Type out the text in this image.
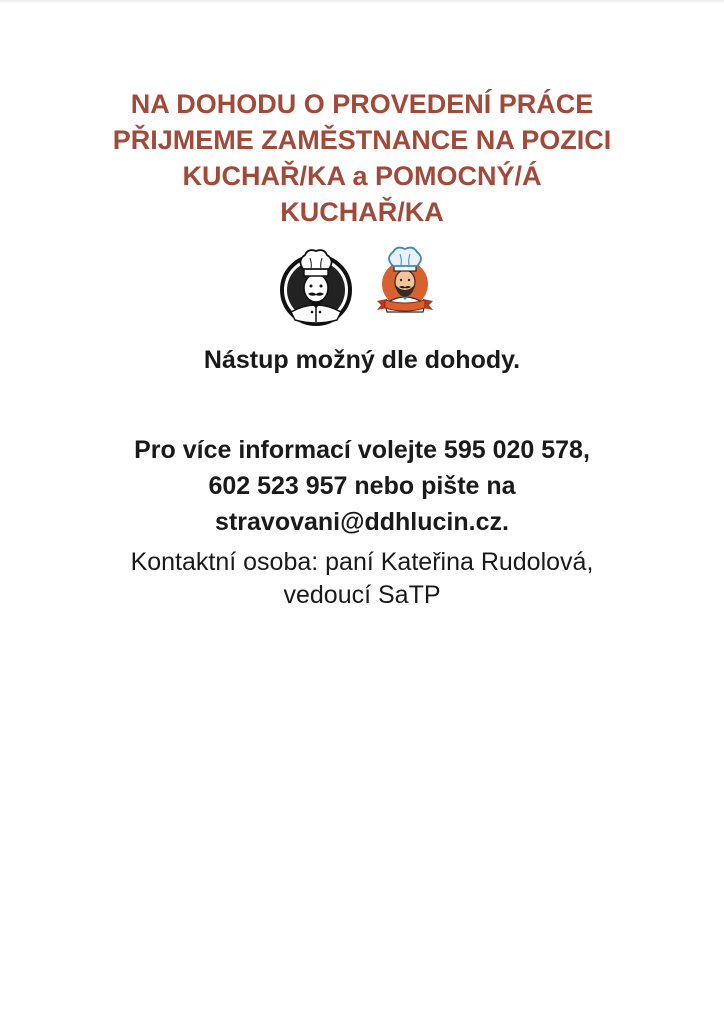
NA DOHODU O PROVEDENÍ PRÁCE
PŘIJMEME ZAMĚSTNANCE NA POZICI
KUCHAŘ/KA a POMOCNÝ/Á
KUCHAŘ/KA
Nástup možný dle dohody.
Pro více informací volejte 595 020 578,
602 523 957 nebo pište na
stravovani@ddhlucin.cz.
Kontaktní osoba: paní Kateřina Rudolová,
vedoucí SaTP
